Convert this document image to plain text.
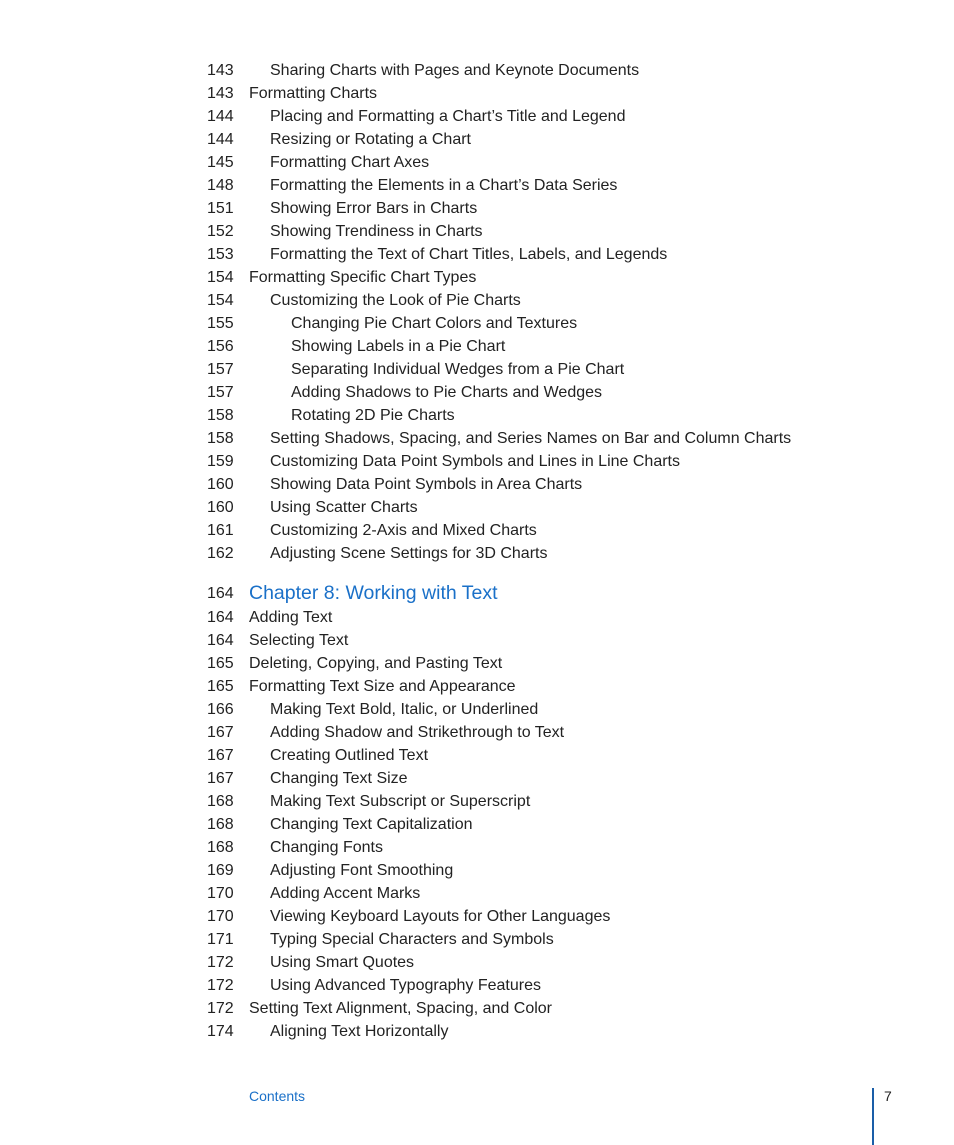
143	Sharing Charts with Pages and Keynote Documents
143 Formatting Charts
144	Placing and Formatting a Chart’s Title and Legend
144	Resizing or Rotating a Chart
145	Formatting Chart Axes
148	Formatting the Elements in a Chart’s Data Series
151	Showing Error Bars in Charts
152	Showing Trendiness in Charts
153	Formatting the Text of Chart Titles, Labels, and Legends
154 Formatting Specific Chart Types
154	Customizing the Look of Pie Charts
155	Changing Pie Chart Colors and Textures
156	Showing Labels in a Pie Chart
157	Separating Individual Wedges from a Pie Chart
157	Adding Shadows to Pie Charts and Wedges
158	Rotating 2D Pie Charts
158	Setting Shadows, Spacing, and Series Names on Bar and Column Charts
159	Customizing Data Point Symbols and Lines in Line Charts
160	Showing Data Point Symbols in Area Charts
160	Using Scatter Charts
161	Customizing 2-Axis and Mixed Charts
162	Adjusting Scene Settings for 3D Charts
164 Chapter 8: Working with Text
164 Adding Text
164 Selecting Text
165 Deleting, Copying, and Pasting Text
165 Formatting Text Size and Appearance
166	Making Text Bold, Italic, or Underlined
167	Adding Shadow and Strikethrough to Text
167	Creating Outlined Text
167	Changing Text Size
168	Making Text Subscript or Superscript
168	Changing Text Capitalization
168	Changing Fonts
169	Adjusting Font Smoothing
170	Adding Accent Marks
170	Viewing Keyboard Layouts for Other Languages
171	Typing Special Characters and Symbols
172	Using Smart Quotes
172	Using Advanced Typography Features
172 Setting Text Alignment, Spacing, and Color
174	Aligning Text Horizontally
Contents	7
